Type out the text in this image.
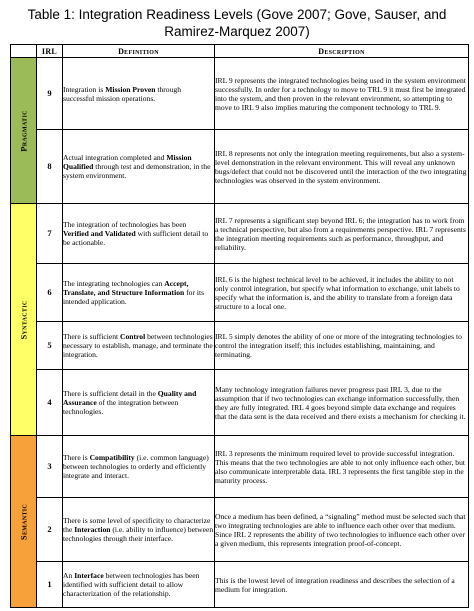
Table 1: Integration Readiness Levels (Gove 2007; Gove, Sauser, and Ramirez-Marquez 2007)
	IRL	Definition	Description

Pragmatic	9	Integration is Mission Proven through successful mission operations.	IRL 9 represents the integrated technologies being used in the system environment successfully. In order for a technology to move to TRL 9 it must first be integrated into the system, and then proven in the relevant environment, so attempting to move to IRL 9 also implies maturing the component technology to TRL 9.
	8	Actual integration completed and Mission Qualified through test and demonstration, in the system environment.	IRL 8 represents not only the integration meeting requirements, but also a system-level demonstration in the relevant environment. This will reveal any unknown bugs/defect that could not be discovered until the interaction of the two integrating technologies was observed in the system environment.

Syntactic	7	The integration of technologies has been Verified and Validated with sufficient detail to be actionable.	IRL 7 represents a significant step beyond IRL 6; the integration has to work from a technical perspective, but also from a requirements perspective. IRL 7 represents the integration meeting requirements such as performance, throughput, and reliability.
	6	The integrating technologies can Accept, Translate, and Structure Information for its intended application.	IRL 6 is the highest technical level to be achieved, it includes the ability to not only control integration, but specify what information to exchange, unit labels to specify what the information is, and the ability to translate from a foreign data structure to a local one.
	5	There is sufficient Control between technologies necessary to establish, manage, and terminate the integration.	IRL 5 simply denotes the ability of one or more of the integrating technologies to control the integration itself; this includes establishing, maintaining, and terminating.
	4	There is sufficient detail in the Quality and Assurance of the integration between technologies.	Many technology integration failures never progress past IRL 3, due to the assumption that if two technologies can exchange information successfully, then they are fully integrated. IRL 4 goes beyond simple data exchange and requires that the data sent is the data received and there exists a mechanism for checking it.

Semantic	3	There is Compatibility (i.e. common language) between technologies to orderly and efficiently integrate and interact.	IRL 3 represents the minimum required level to provide successful integration. This means that the two technologies are able to not only influence each other, but also communicate interpretable data. IRL 3 represents the first tangible step in the maturity process.
	2	There is some level of specificity to characterize the Interaction (i.e. ability to influence) between technologies through their interface.	Once a medium has been defined, a “signaling” method must be selected such that two integrating technologies are able to influence each other over that medium. Since IRL 2 represents the ability of two technologies to influence each other over a given medium, this represents integration proof-of-concept.
	1	An Interface between technologies has been identified with sufficient detail to allow characterization of the relationship.	This is the lowest level of integration readiness and describes the selection of a medium for integration.
